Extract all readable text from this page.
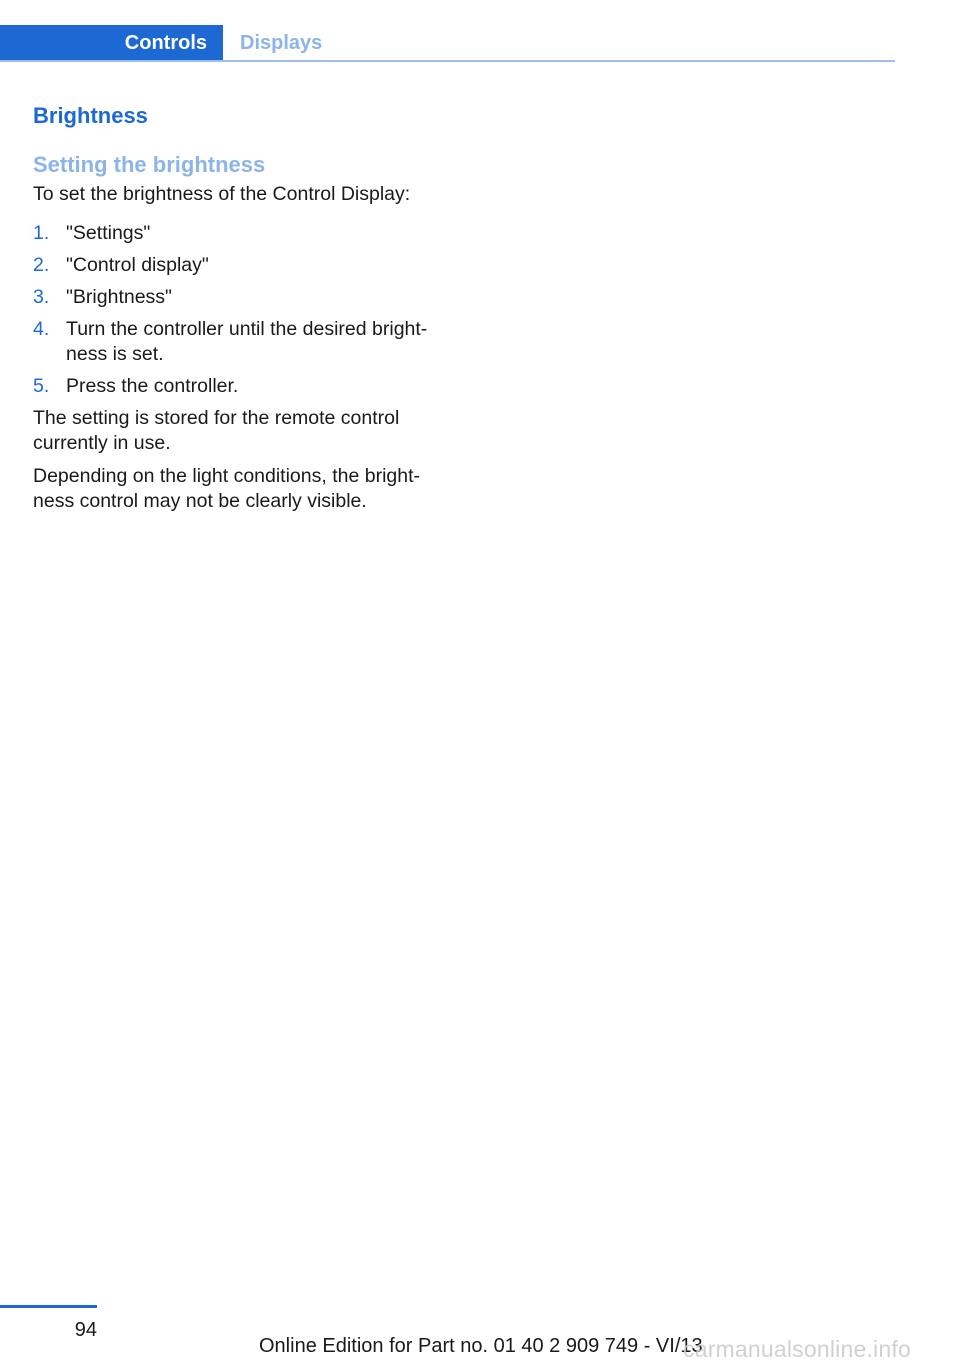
Controls	Displays
Brightness
Setting the brightness

To set the brightness of the Control Display:

1. "Settings"
2. "Control display"
3. "Brightness"
4. Turn the controller until the desired bright‐ness is set.
5. Press the controller.

The setting is stored for the remote control currently in use.

Depending on the light conditions, the bright‐ness control may not be clearly visible.

94
Online Edition for Part no. 01 40 2 909 749 - VI/13
carmanualsonline.info
